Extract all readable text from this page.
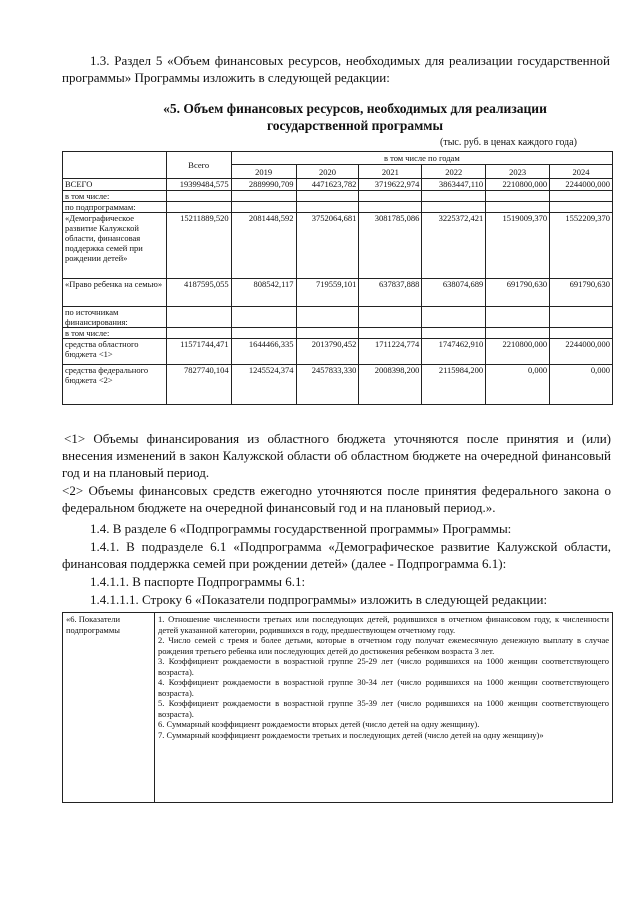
1.3. Раздел 5 «Объем финансовых ресурсов, необходимых для реализации государственной программы» Программы изложить в следующей редакции:

«5. Объем финансовых ресурсов, необходимых для реализации государственной программы

(тыс. руб. в ценах каждого года)

	Всего	в том числе по годам					
		2019	2020	2021	2022	2023	2024
ВСЕГО	19399484,575	2889990,709	4471623,782	3719622,974	3863447,110	2210800,000	2244000,000
в том числе:							
по подпрограммам:							
«Демографическое развитие Калужской области, финансовая поддержка семей при рождении детей»	15211889,520	2081448,592	3752064,681	3081785,086	3225372,421	1519009,370	1552209,370
«Право ребенка на семью»	4187595,055	808542,117	719559,101	637837,888	638074,689	691790,630	691790,630
по источникам финансирования:							
в том числе:							
средства областного бюджета <1>	11571744,471	1644466,335	2013790,452	1711224,774	1747462,910	2210800,000	2244000,000
средства федерального бюджета <2>	7827740,104	1245524,374	2457833,330	2008398,200	2115984,200	0,000	0,000

<1> Объемы финансирования из областного бюджета уточняются после принятия и (или) внесения изменений в закон Калужской области об областном бюджете на очередной финансовый год и на плановый период.

<2> Объемы финансовых средств ежегодно уточняются после принятия федерального закона о федеральном бюджете на очередной финансовый год и на плановый период.».

1.4. В разделе 6 «Подпрограммы государственной программы» Программы:

1.4.1. В подразделе 6.1 «Подпрограмма «Демографическое развитие Калужской области, финансовая поддержка семей при рождении детей» (далее - Подпрограмма 6.1):

1.4.1.1. В паспорте Подпрограммы 6.1:

1.4.1.1.1. Строку 6 «Показатели подпрограммы» изложить в следующей редакции:

«6. Показатели подпрограммы	

1. Отношение численности третьих или последующих детей, родившихся в отчетном финансовом году, к численности детей указанной категории, родившихся в году, предшествующем отчетному году.

2. Число семей с тремя и более детьми, которые в отчетном году получат ежемесячную денежную выплату в случае рождения третьего ребенка или последующих детей до достижения ребенком возраста 3 лет.

3. Коэффициент рождаемости в возрастной группе 25-29 лет (число родившихся на 1000 женщин соответствующего возраста).

4. Коэффициент рождаемости в возрастной группе 30-34 лет (число родившихся на 1000 женщин соответствующего возраста).

5. Коэффициент рождаемости в возрастной группе 35-39 лет (число родившихся на 1000 женщин соответствующего возраста).

6. Суммарный коэффициент рождаемости вторых детей (число детей на одну женщину).

7. Суммарный коэффициент рождаемости третьих и последующих детей (число детей на одну женщину)»
